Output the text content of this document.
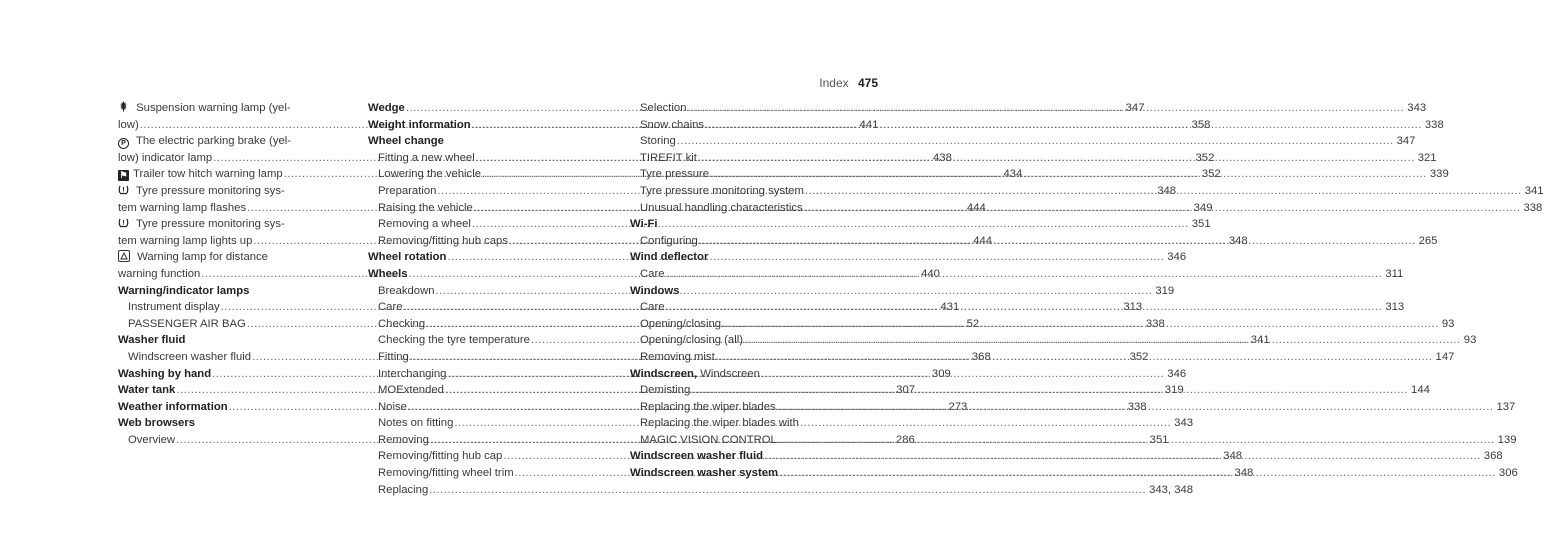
Index 475
Suspension warning lamp (yel-
low) .....	441
P The electric parking brake (yel-
low) indicator lamp .....	438
⚑ Trailer tow hitch warning lamp .....	434
! Tyre pressure monitoring sys-
tem warning lamp flashes .....	444
! Tyre pressure monitoring sys-
tem warning lamp lights up .....	444
Warning lamp for distance
warning function .....	440
Warning/indicator lamps
Instrument display .....	431
PASSENGER AIR BAG .....	52
Washer fluid
Windscreen washer fluid .....	368
Washing by hand .....	309
Water tank .....	307
Weather information .....	273
Web browsers
Overview .....	286
Wedge .....	347
Weight information .....	358
Wheel change
Fitting a new wheel .....	352
Lowering the vehicle .....	352
Preparation .....	348
Raising the vehicle .....	349
Removing a wheel .....	351
Removing/fitting hub caps .....	348
Wheel rotation .....	346
Wheels
Breakdown .....	319
Care .....	313
Checking .....	338
Checking the tyre temperature .....	341
Fitting .....	352
Interchanging .....	346
MOExtended .....	319
Noise .....	338
Notes on fitting .....	343
Removing .....	351
Removing/fitting hub cap .....	348
Removing/fitting wheel trim .....	348
Replacing .....	343, 348
Selection .....	343
Snow chains .....	338
Storing .....	347
TIREFIT kit .....	321
Tyre pressure .....	339
Tyre pressure monitoring system .....	341
Unusual handling characteristics .....	338
Wi-Fi
Configuring .....	265
Wind deflector
Care .....	311
Windows
Care .....	313
Opening/closing .....	93
Opening/closing (all) .....	93
Removing mist .....	147
Windscreen, Windscreen
Demisting .....	144
Replacing the wiper blades .....	137
Replacing the wiper blades with
MAGIC VISION CONTROL .....	139
Windscreen washer fluid .....	368
Windscreen washer system .....	306
